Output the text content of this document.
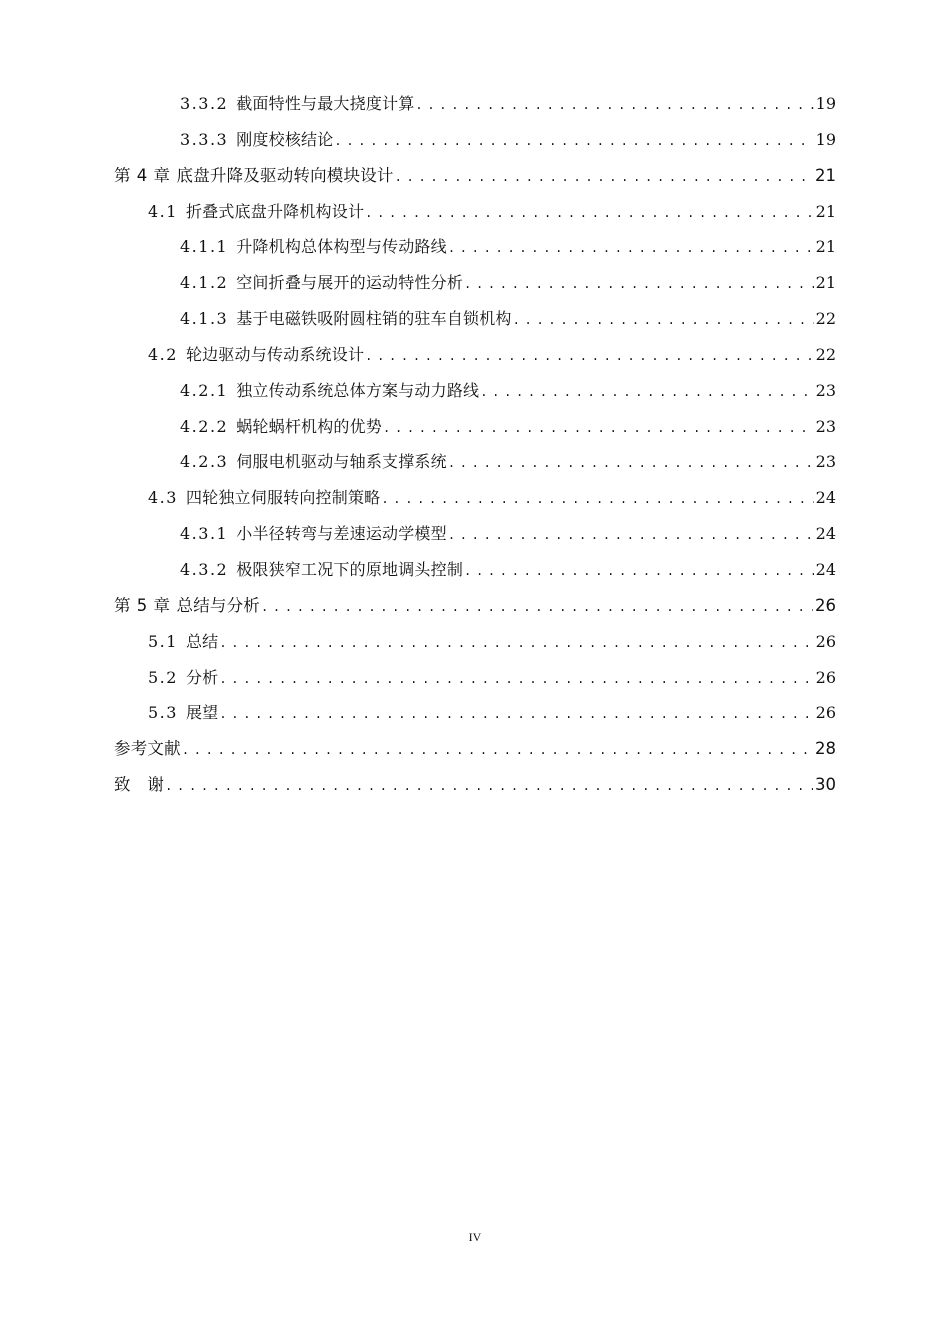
3.3.2 截面特性与最大挠度计算 .....	19
3.3.3 刚度校核结论 .....	19
第 4 章 底盘升降及驱动转向模块设计 .....	21
4.1 折叠式底盘升降机构设计 .....	21
4.1.1 升降机构总体构型与传动路线 .....	21
4.1.2 空间折叠与展开的运动特性分析 .....	21
4.1.3 基于电磁铁吸附圆柱销的驻车自锁机构 .....	22
4.2 轮边驱动与传动系统设计 .....	22
4.2.1 独立传动系统总体方案与动力路线 .....	23
4.2.2 蜗轮蜗杆机构的优势 .....	23
4.2.3 伺服电机驱动与轴系支撑系统 .....	23
4.3 四轮独立伺服转向控制策略 .....	24
4.3.1 小半径转弯与差速运动学模型 .....	24
4.3.2 极限狭窄工况下的原地调头控制 .....	24
第 5 章 总结与分析 .....	26
5.1 总结 .....	26
5.2 分析 .....	26
5.3 展望 .....	26
参考文献 .....	28
致　谢 .....	30
IV
